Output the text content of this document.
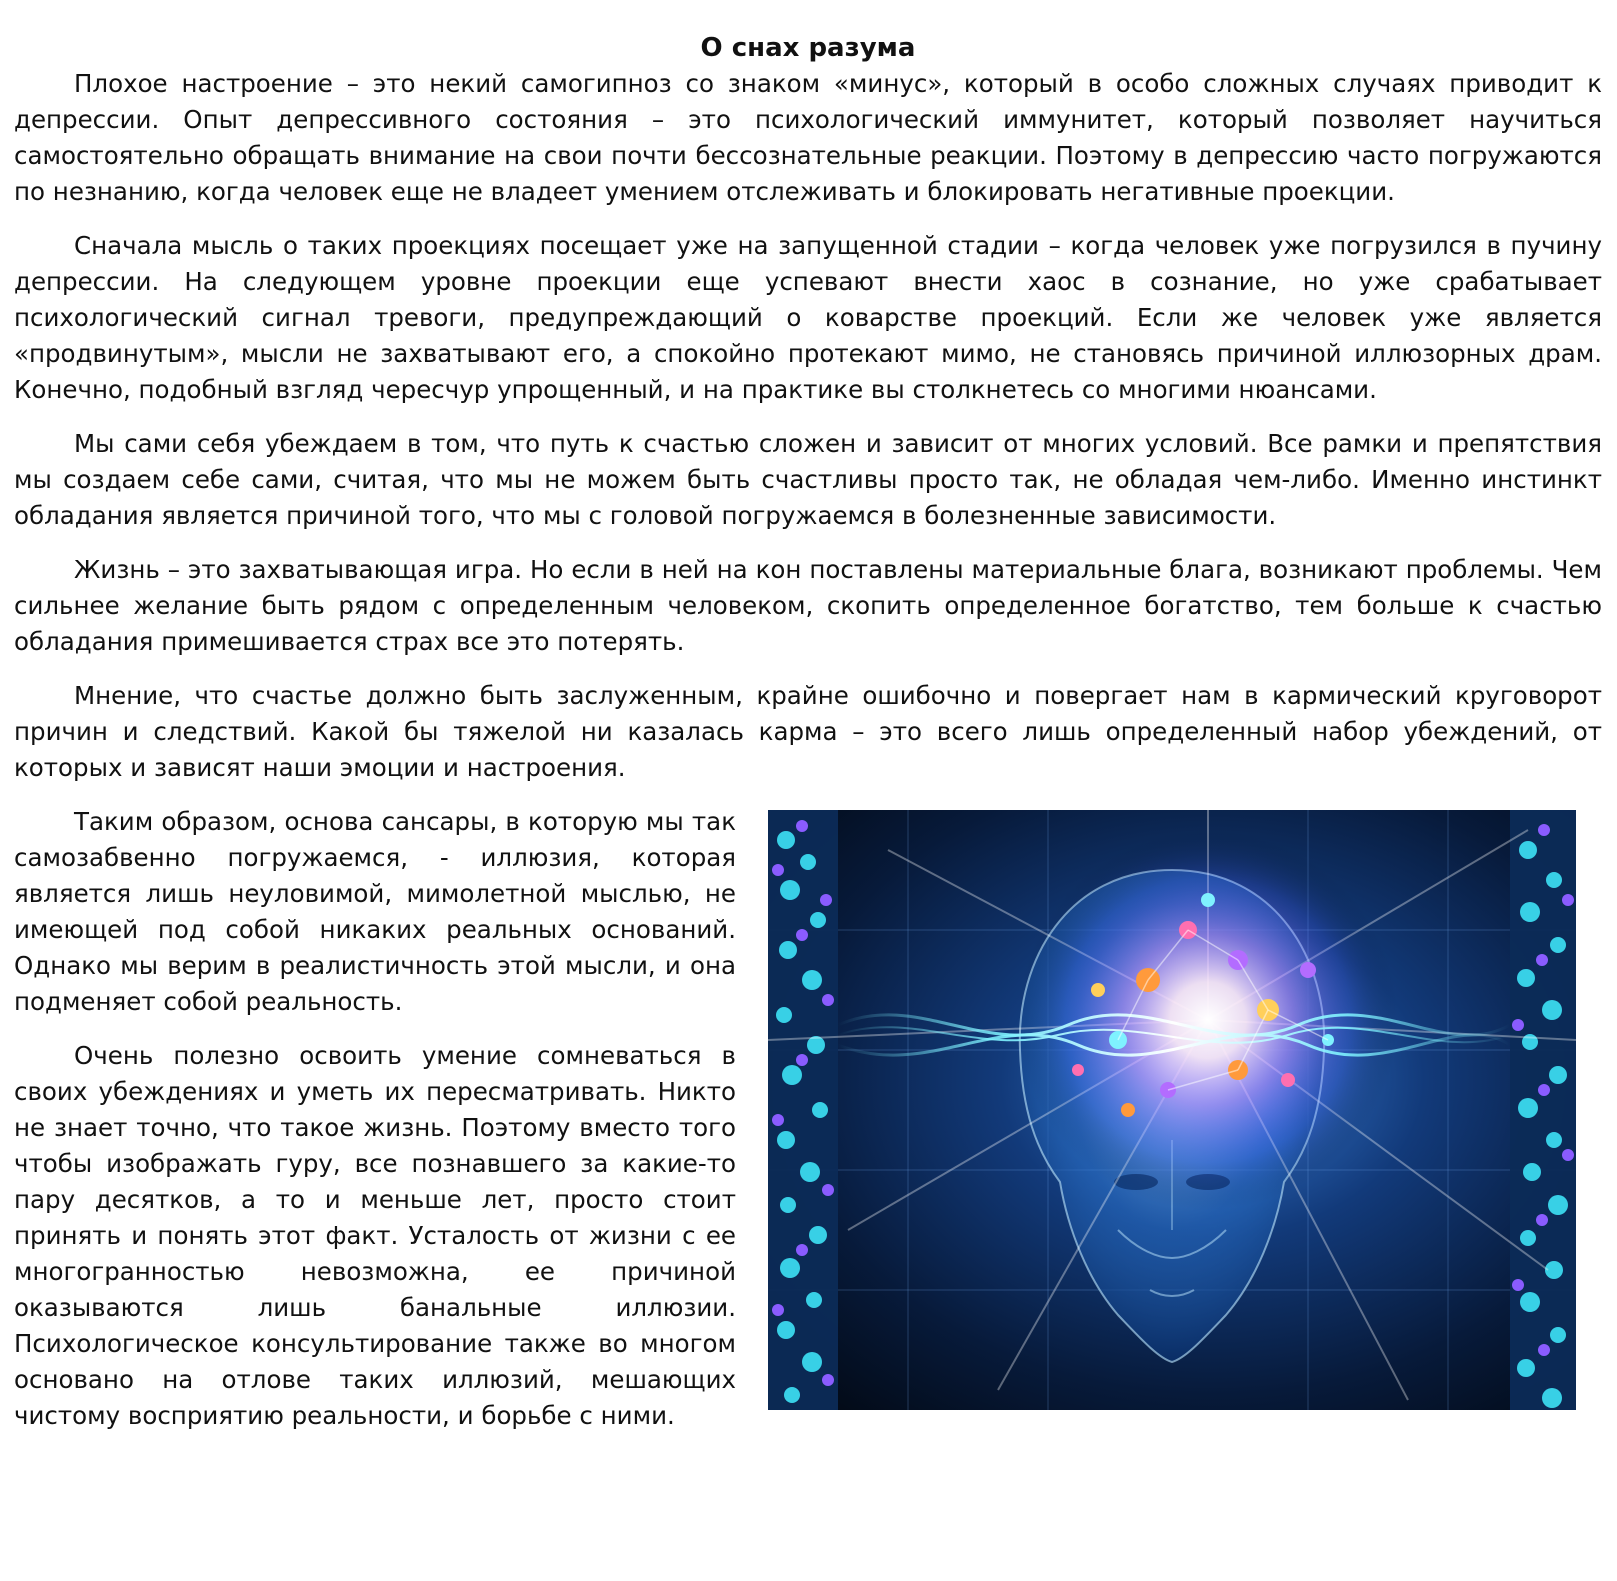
О снах разума

Плохое настроение – это некий самогипноз со знаком «минус», который в особо сложных случаях приводит к депрессии. Опыт депрессивного состояния – это психологический иммунитет, который позволяет научиться самостоятельно обращать внимание на свои почти бессознательные реакции. Поэтому в депрессию часто погружаются по незнанию, когда человек еще не владеет умением отслеживать и блокировать негативные проекции.

Сначала мысль о таких проекциях посещает уже на запущенной стадии – когда человек уже погрузился в пучину депрессии. На следующем уровне проекции еще успевают внести хаос в сознание, но уже срабатывает психологический сигнал тревоги, предупреждающий о коварстве проекций. Если же человек уже является «продвинутым», мысли не захватывают его, а спокойно протекают мимо, не становясь причиной иллюзорных драм. Конечно, подобный взгляд чересчур упрощенный, и на практике вы столкнетесь со многими нюансами.

Мы сами себя убеждаем в том, что путь к счастью сложен и зависит от многих условий. Все рамки и препятствия мы создаем себе сами, считая, что мы не можем быть счастливы просто так, не обладая чем-либо. Именно инстинкт обладания является причиной того, что мы с головой погружаемся в болезненные зависимости.

Жизнь – это захватывающая игра. Но если в ней на кон поставлены материальные блага, возникают проблемы. Чем сильнее желание быть рядом с определенным человеком, скопить определенное богатство, тем больше к счастью обладания примешивается страх все это потерять.

Мнение, что счастье должно быть заслуженным, крайне ошибочно и повергает нам в кармический круговорот причин и следствий. Какой бы тяжелой ни казалась карма – это всего лишь определенный набор убеждений, от которых и зависят наши эмоции и настроения.

Таким образом, основа сансары, в которую мы так самозабвенно погружаемся, - иллюзия, которая является лишь неуловимой, мимолетной мыслью, не имеющей под собой никаких реальных оснований. Однако мы верим в реалистичность этой мысли, и она подменяет собой реальность.

Очень полезно освоить умение сомневаться в своих убеждениях и уметь их пересматривать. Никто не знает точно, что такое жизнь. Поэтому вместо того чтобы изображать гуру, все познавшего за какие-то пару десятков, а то и меньше лет, просто стоит принять и понять этот факт. Усталость от жизни с ее многогранностью невозможна, ее причиной оказываются лишь банальные иллюзии. Психологическое консультирование также во многом основано на отлове таких иллюзий, мешающих чистому восприятию реальности, и борьбе с ними.
